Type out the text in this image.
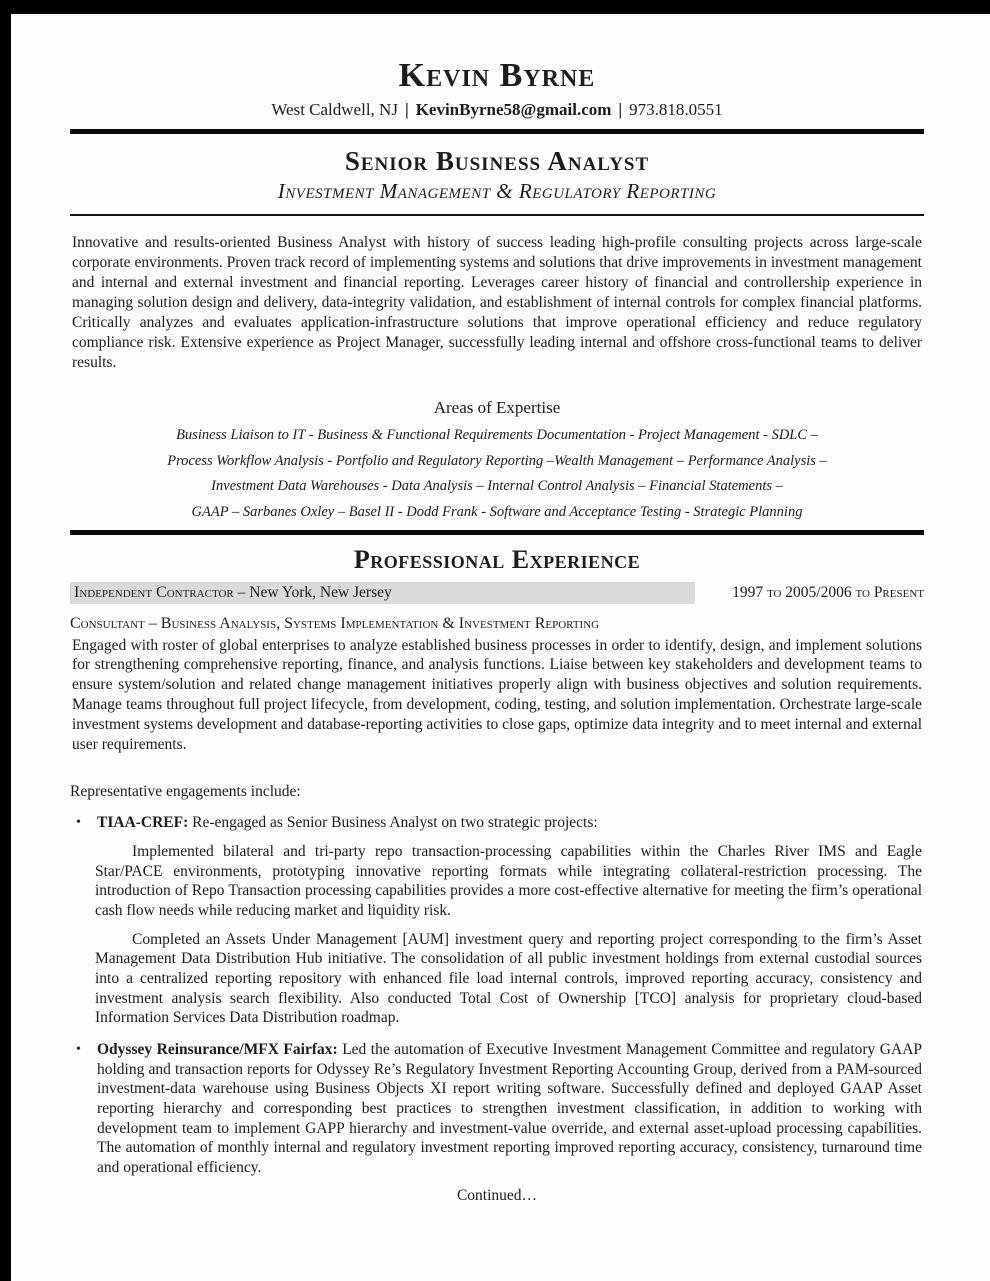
Kevin Byrne

West Caldwell, NJ | KevinByrne58@gmail.com | 973.818.0551

Senior Business Analyst
Investment Management & Regulatory Reporting

Innovative and results-oriented Business Analyst with history of success leading high-profile consulting projects across large-scale corporate environments. Proven track record of implementing systems and solutions that drive improvements in investment management and internal and external investment and financial reporting. Leverages career history of financial and controllership experience in managing solution design and delivery, data-integrity validation, and establishment of internal controls for complex financial platforms. Critically analyzes and evaluates application-infrastructure solutions that improve operational efficiency and reduce regulatory compliance risk. Extensive experience as Project Manager, successfully leading internal and offshore cross-functional teams to deliver results.

Areas of Expertise

Business Liaison to IT - Business & Functional Requirements Documentation - Project Management - SDLC –

Process Workflow Analysis - Portfolio and Regulatory Reporting –Wealth Management – Performance Analysis –

Investment Data Warehouses - Data Analysis – Internal Control Analysis – Financial Statements –

GAAP – Sarbanes Oxley – Basel II - Dodd Frank - Software and Acceptance Testing - Strategic Planning

Professional Experience
Independent Contractor – New York, New Jersey	1997 to 2005/2006 to Present

Consultant – Business Analysis, Systems Implementation & Investment Reporting

Engaged with roster of global enterprises to analyze established business processes in order to identify, design, and implement solutions for strengthening comprehensive reporting, finance, and analysis functions. Liaise between key stakeholders and development teams to ensure system/solution and related change management initiatives properly align with business objectives and solution requirements. Manage teams throughout full project lifecycle, from development, coding, testing, and solution implementation. Orchestrate large-scale investment systems development and database-reporting activities to close gaps, optimize data integrity and to meet internal and external user requirements.

Representative engagements include:

• TIAA-CREF: Re-engaged as Senior Business Analyst on two strategic projects:

Implemented bilateral and tri-party repo transaction-processing capabilities within the Charles River IMS and Eagle Star/PACE environments, prototyping innovative reporting formats while integrating collateral-restriction processing. The introduction of Repo Transaction processing capabilities provides a more cost-effective alternative for meeting the firm’s operational cash flow needs while reducing market and liquidity risk.

Completed an Assets Under Management [AUM] investment query and reporting project corresponding to the firm’s Asset Management Data Distribution Hub initiative. The consolidation of all public investment holdings from external custodial sources into a centralized reporting repository with enhanced file load internal controls, improved reporting accuracy, consistency and investment analysis search flexibility. Also conducted Total Cost of Ownership [TCO] analysis for proprietary cloud-based Information Services Data Distribution roadmap.

• Odyssey Reinsurance/MFX Fairfax: Led the automation of Executive Investment Management Committee and regulatory GAAP holding and transaction reports for Odyssey Re’s Regulatory Investment Reporting Accounting Group, derived from a PAM-sourced investment-data warehouse using Business Objects XI report writing software. Successfully defined and deployed GAAP Asset reporting hierarchy and corresponding best practices to strengthen investment classification, in addition to working with development team to implement GAPP hierarchy and investment-value override, and external asset-upload processing capabilities. The automation of monthly internal and regulatory investment reporting improved reporting accuracy, consistency, turnaround time and operational efficiency.

Continued…
